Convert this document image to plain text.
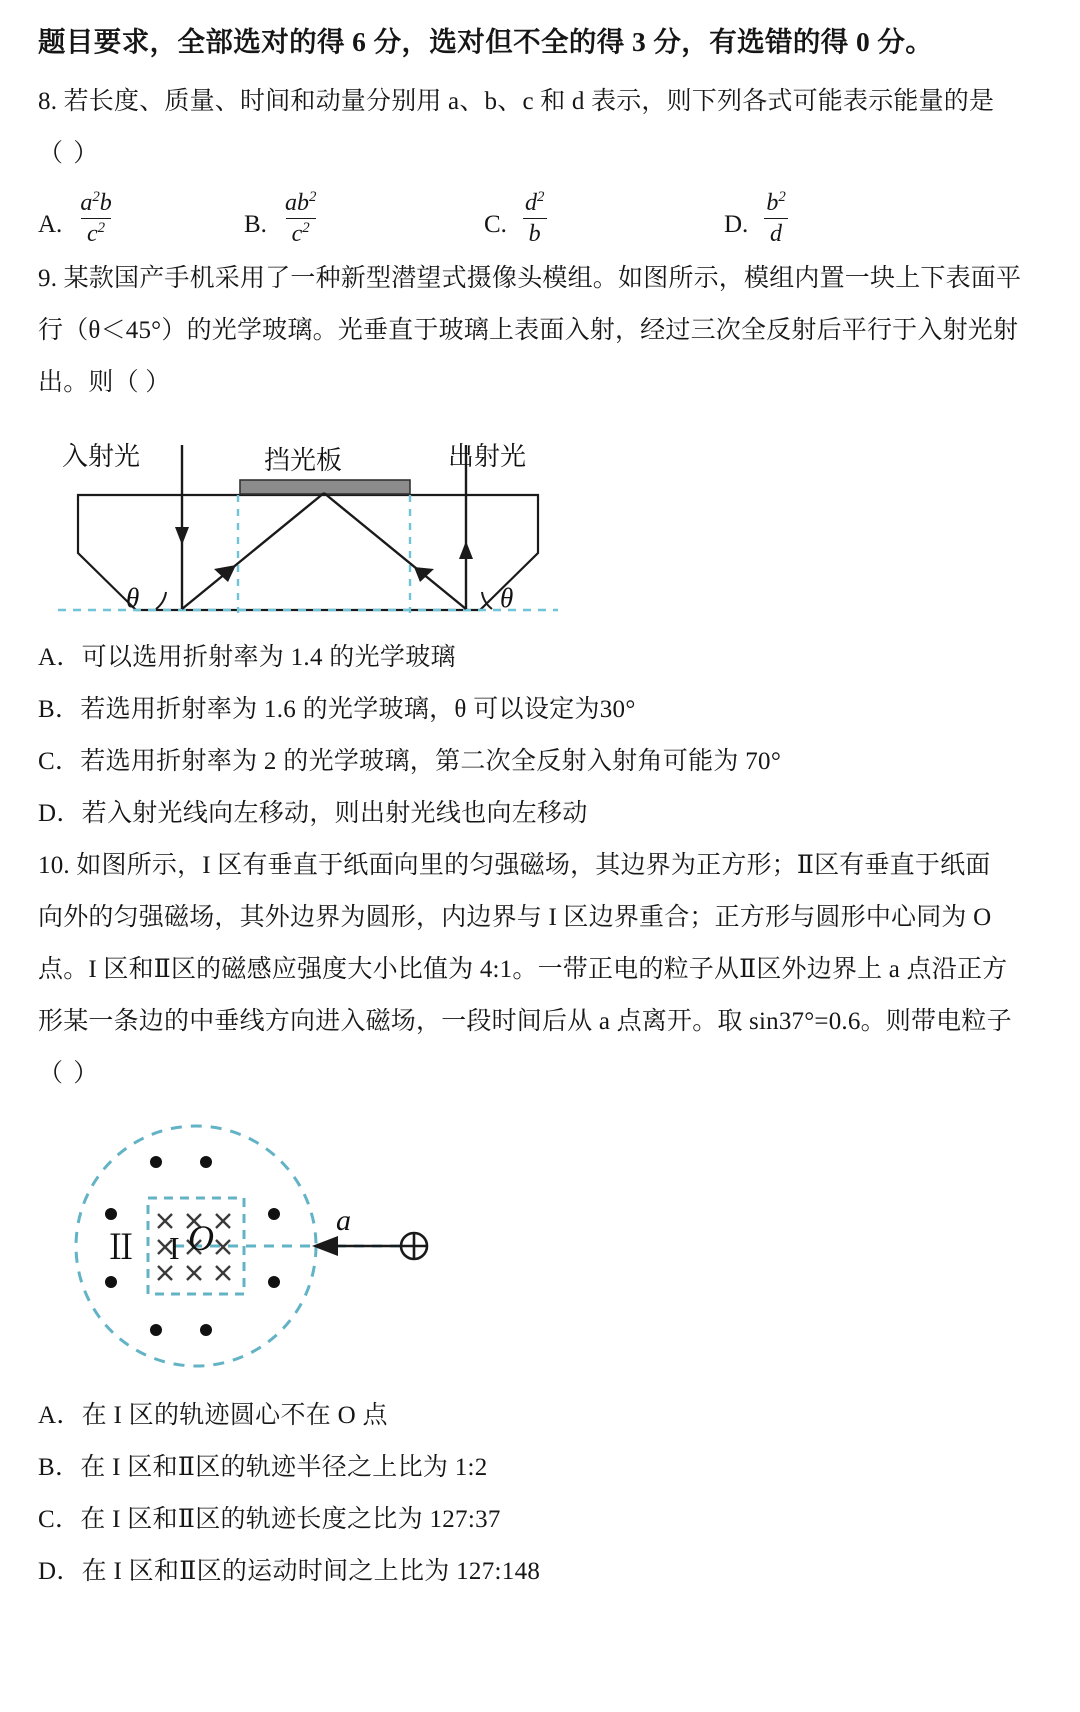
题目要求，全部选对的得 6 分，选对但不全的得 3 分，有选错的得 0 分。
8. 若长度、质量、时间和动量分别用 a、b、c 和 d 表示，则下列各式可能表示能量的是
（ ）
A. $\frac{a^2b}{c^2}$	B. $\frac{ab^2}{c^2}$	C. $\frac{d^2}{b}$	D. $\frac{b^2}{d}$
9. 某款国产手机采用了一种新型潜望式摄像头模组。如图所示，模组内置一块上下表面平
行（θ＜45°）的光学玻璃。光垂直于玻璃上表面入射，经过三次全反射后平行于入射光射
出。则（ ）
入射光	挡光板	出射光
θ	θ
A．可以选用折射率为 1.4 的光学玻璃
B．若选用折射率为 1.6 的光学玻璃，θ 可以设定为30°
C．若选用折射率为 2 的光学玻璃，第二次全反射入射角可能为 70°
D．若入射光线向左移动，则出射光线也向左移动
10. 如图所示，I 区有垂直于纸面向里的匀强磁场，其边界为正方形；Ⅱ区有垂直于纸面
向外的匀强磁场，其外边界为圆形，内边界与 I 区边界重合；正方形与圆形中心同为 O
点。I 区和Ⅱ区的磁感应强度大小比值为 4:1。一带正电的粒子从Ⅱ区外边界上 a 点沿正方
形某一条边的中垂线方向进入磁场，一段时间后从 a 点离开。取 sin37°=0.6。则带电粒子
（ ）
Ⅱ I O	a
A．在 I 区的轨迹圆心不在 O 点
B．在 I 区和Ⅱ区的轨迹半径之上比为 1:2
C．在 I 区和Ⅱ区的轨迹长度之比为 127:37
D．在 I 区和Ⅱ区的运动时间之上比为 127:148
